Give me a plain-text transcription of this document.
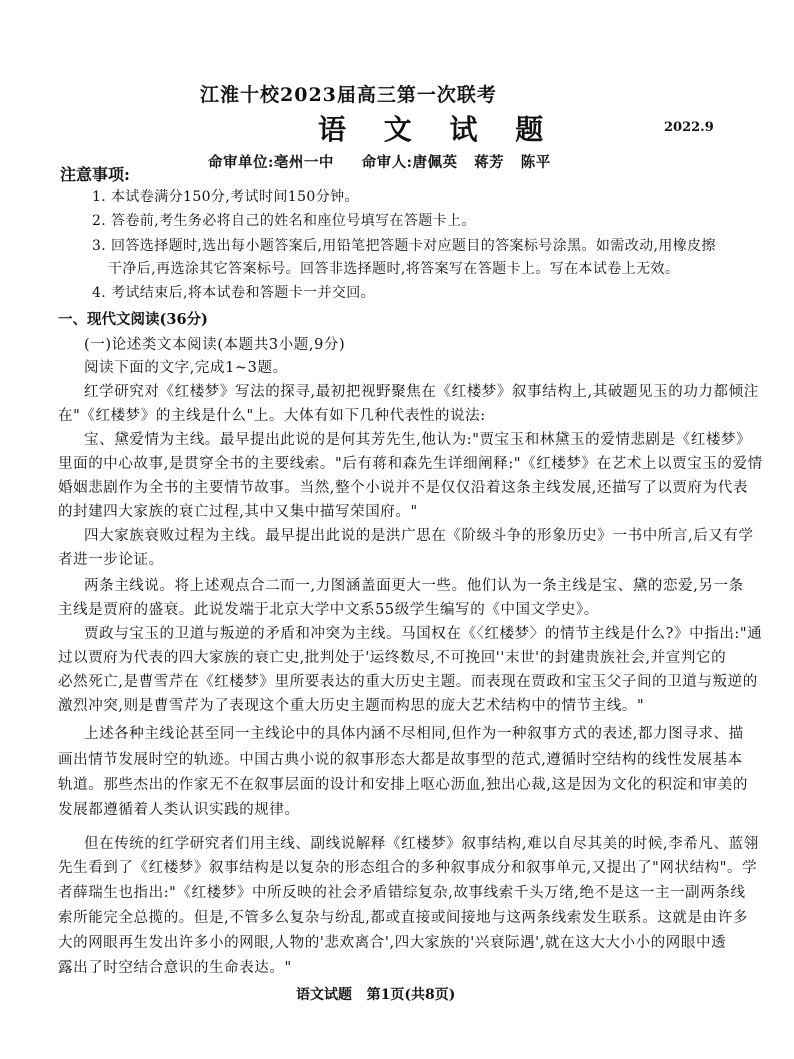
江淮十校2023届高三第一次联考
语 文 试 题	2022.9
命审单位:亳州一中     命审人:唐佩英   蒋芳   陈平
注意事项:
1. 本试卷满分150分,考试时间150分钟。
2. 答卷前,考生务必将自己的姓名和座位号填写在答题卡上。
3. 回答选择题时,选出每小题答案后,用铅笔把答题卡对应题目的答案标号涂黑。如需改动,用橡皮擦
干净后,再选涂其它答案标号。回答非选择题时,将答案写在答题卡上。写在本试卷上无效。
4. 考试结束后,将本试卷和答题卡一并交回。
一、现代文阅读(36分)
(一)论述类文本阅读(本题共3小题,9分)
阅读下面的文字,完成1~3题。
红学研究对《红楼梦》写法的探寻,最初把视野聚焦在《红楼梦》叙事结构上,其破题见玉的功力都倾注
在"《红楼梦》的主线是什么"上。大体有如下几种代表性的说法:
宝、黛爱情为主线。最早提出此说的是何其芳先生,他认为:"贾宝玉和林黛玉的爱情悲剧是《红楼梦》
里面的中心故事,是贯穿全书的主要线索。"后有蒋和森先生详细阐释:"《红楼梦》在艺术上以贾宝玉的爱情
婚姻悲剧作为全书的主要情节故事。当然,整个小说并不是仅仅沿着这条主线发展,还描写了以贾府为代表
的封建四大家族的衰亡过程,其中又集中描写荣国府。"
四大家族衰败过程为主线。最早提出此说的是洪广思在《阶级斗争的形象历史》一书中所言,后又有学
者进一步论证。
两条主线说。将上述观点合二而一,力图涵盖面更大一些。他们认为一条主线是宝、黛的恋爱,另一条
主线是贾府的盛衰。此说发端于北京大学中文系55级学生编写的《中国文学史》。
贾政与宝玉的卫道与叛逆的矛盾和冲突为主线。马国权在《〈红楼梦〉的情节主线是什么?》中指出:"通
过以贾府为代表的四大家族的衰亡史,批判处于'运终数尽,不可挽回''末世'的封建贵族社会,并宣判它的
必然死亡,是曹雪芹在《红楼梦》里所要表达的重大历史主题。而表现在贾政和宝玉父子间的卫道与叛逆的
激烈冲突,则是曹雪芹为了表现这个重大历史主题而构思的庞大艺术结构中的情节主线。"
上述各种主线论甚至同一主线论中的具体内涵不尽相同,但作为一种叙事方式的表述,都力图寻求、描
画出情节发展时空的轨迹。中国古典小说的叙事形态大都是故事型的范式,遵循时空结构的线性发展基本
轨道。那些杰出的作家无不在叙事层面的设计和安排上呕心沥血,独出心裁,这是因为文化的积淀和审美的
发展都遵循着人类认识实践的规律。
但在传统的红学研究者们用主线、副线说解释《红楼梦》叙事结构,难以自尽其美的时候,李希凡、蓝翎
先生看到了《红楼梦》叙事结构是以复杂的形态组合的多种叙事成分和叙事单元,又提出了"网状结构"。学
者薛瑞生也指出:"《红楼梦》中所反映的社会矛盾错综复杂,故事线索千头万绪,绝不是这一主一副两条线
索所能完全总揽的。但是,不管多么复杂与纷乱,都或直接或间接地与这两条线索发生联系。这就是由许多
大的网眼再生发出许多小的网眼,人物的'悲欢离合',四大家族的'兴衰际遇',就在这大大小小的网眼中透
露出了时空结合意识的生命表达。"
语文试题   第1页(共8页)
